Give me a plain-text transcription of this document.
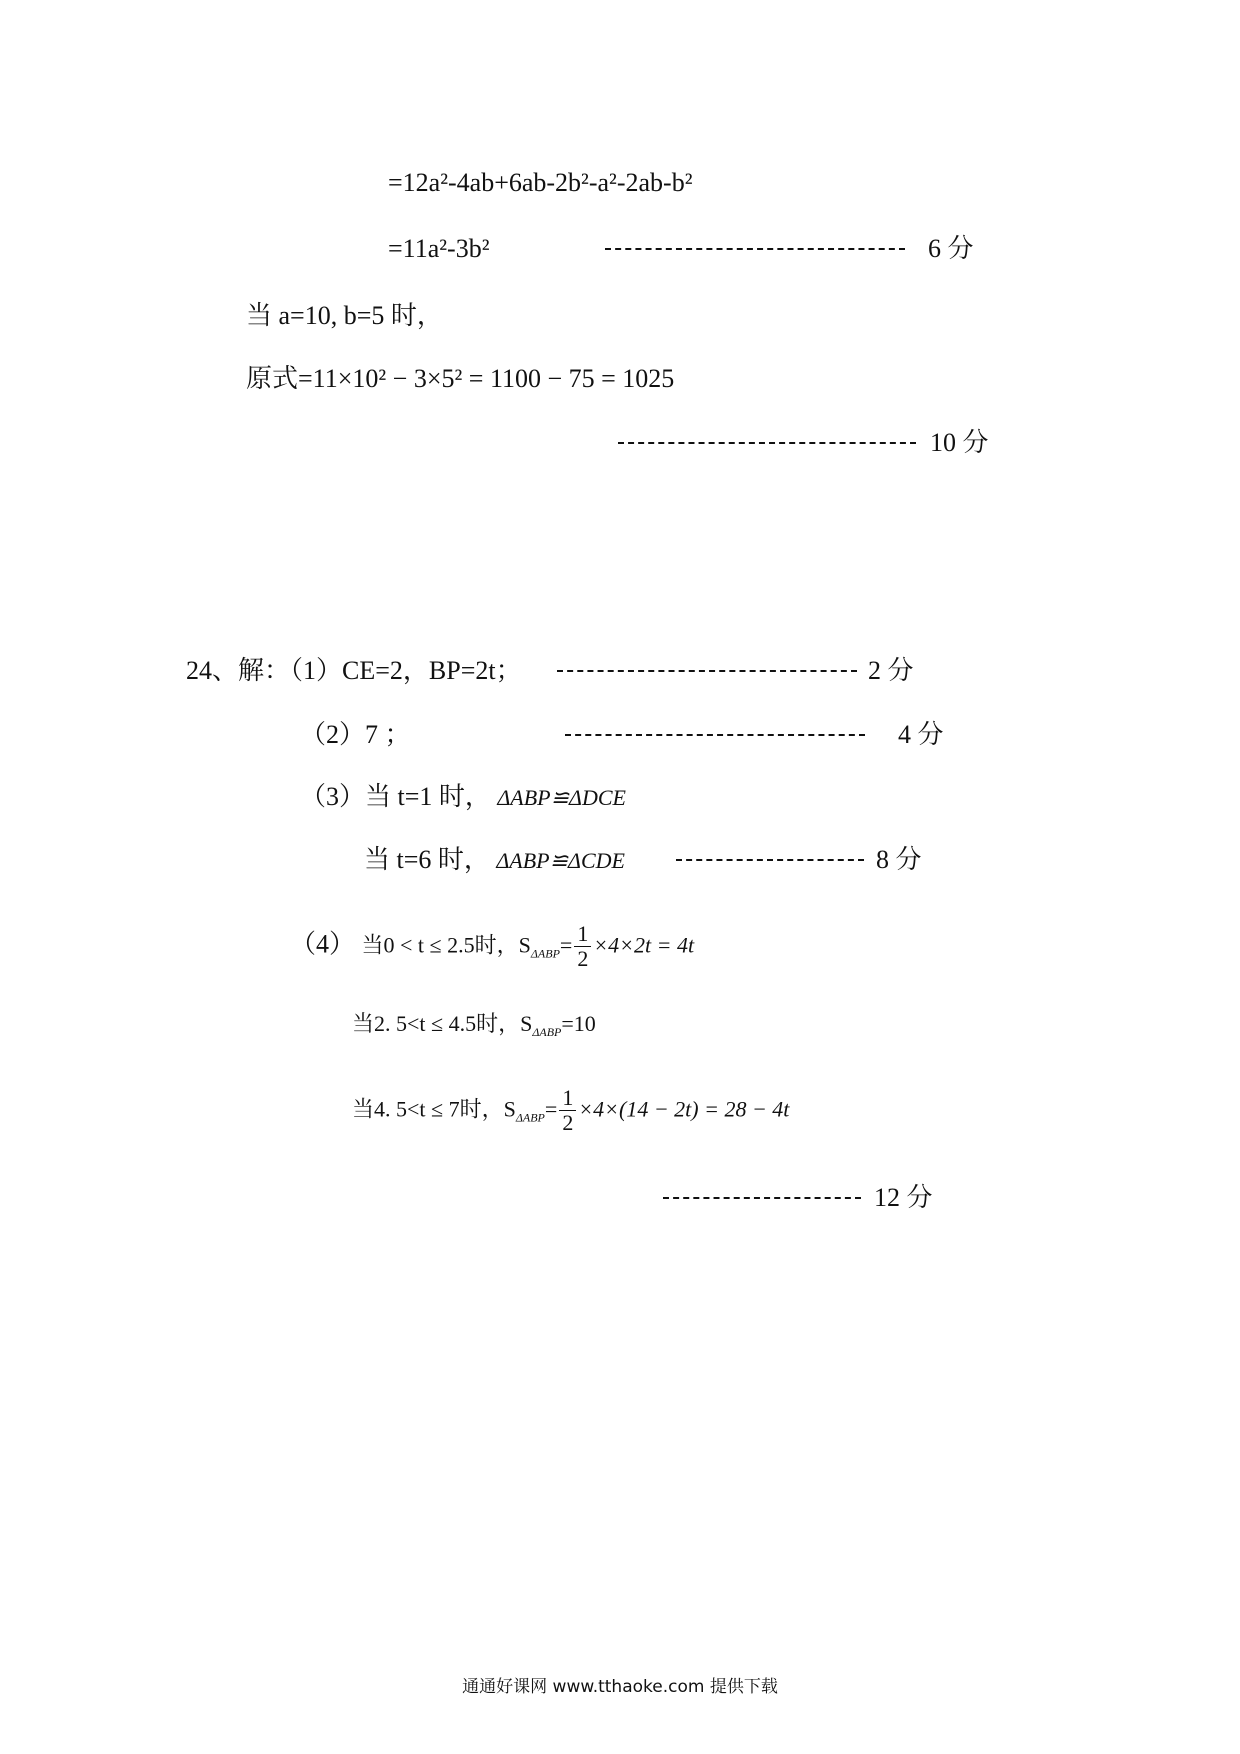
=12a²-4ab+6ab-2b²-a²-2ab-b²
=11a²-3b²	6 分
当 a=10, b=5 时，
原式=11×10² − 3×5² = 1100 − 75 = 1025
10 分
24、解：（1）CE=2，BP=2t；	2 分
（2）7 ；	4 分
（3）当 t=1 时， ΔABP≌ΔDCE
当 t=6 时， ΔABP≌ΔCDE	8 分
（4） 当0 < t ≤ 2.5时，$S_{\Delta ABP}= \frac{1}{2} \times 4\times 2t = 4t$
当2. 5<t ≤ 4.5时，$S_{\Delta ABP}=10$
当4. 5<t ≤ 7时，$S_{\Delta ABP}= \frac{1}{2} \times 4\times(14 - 2t) = 28 - 4t$
12 分
通通好课网 www.tthaoke.com 提供下载
